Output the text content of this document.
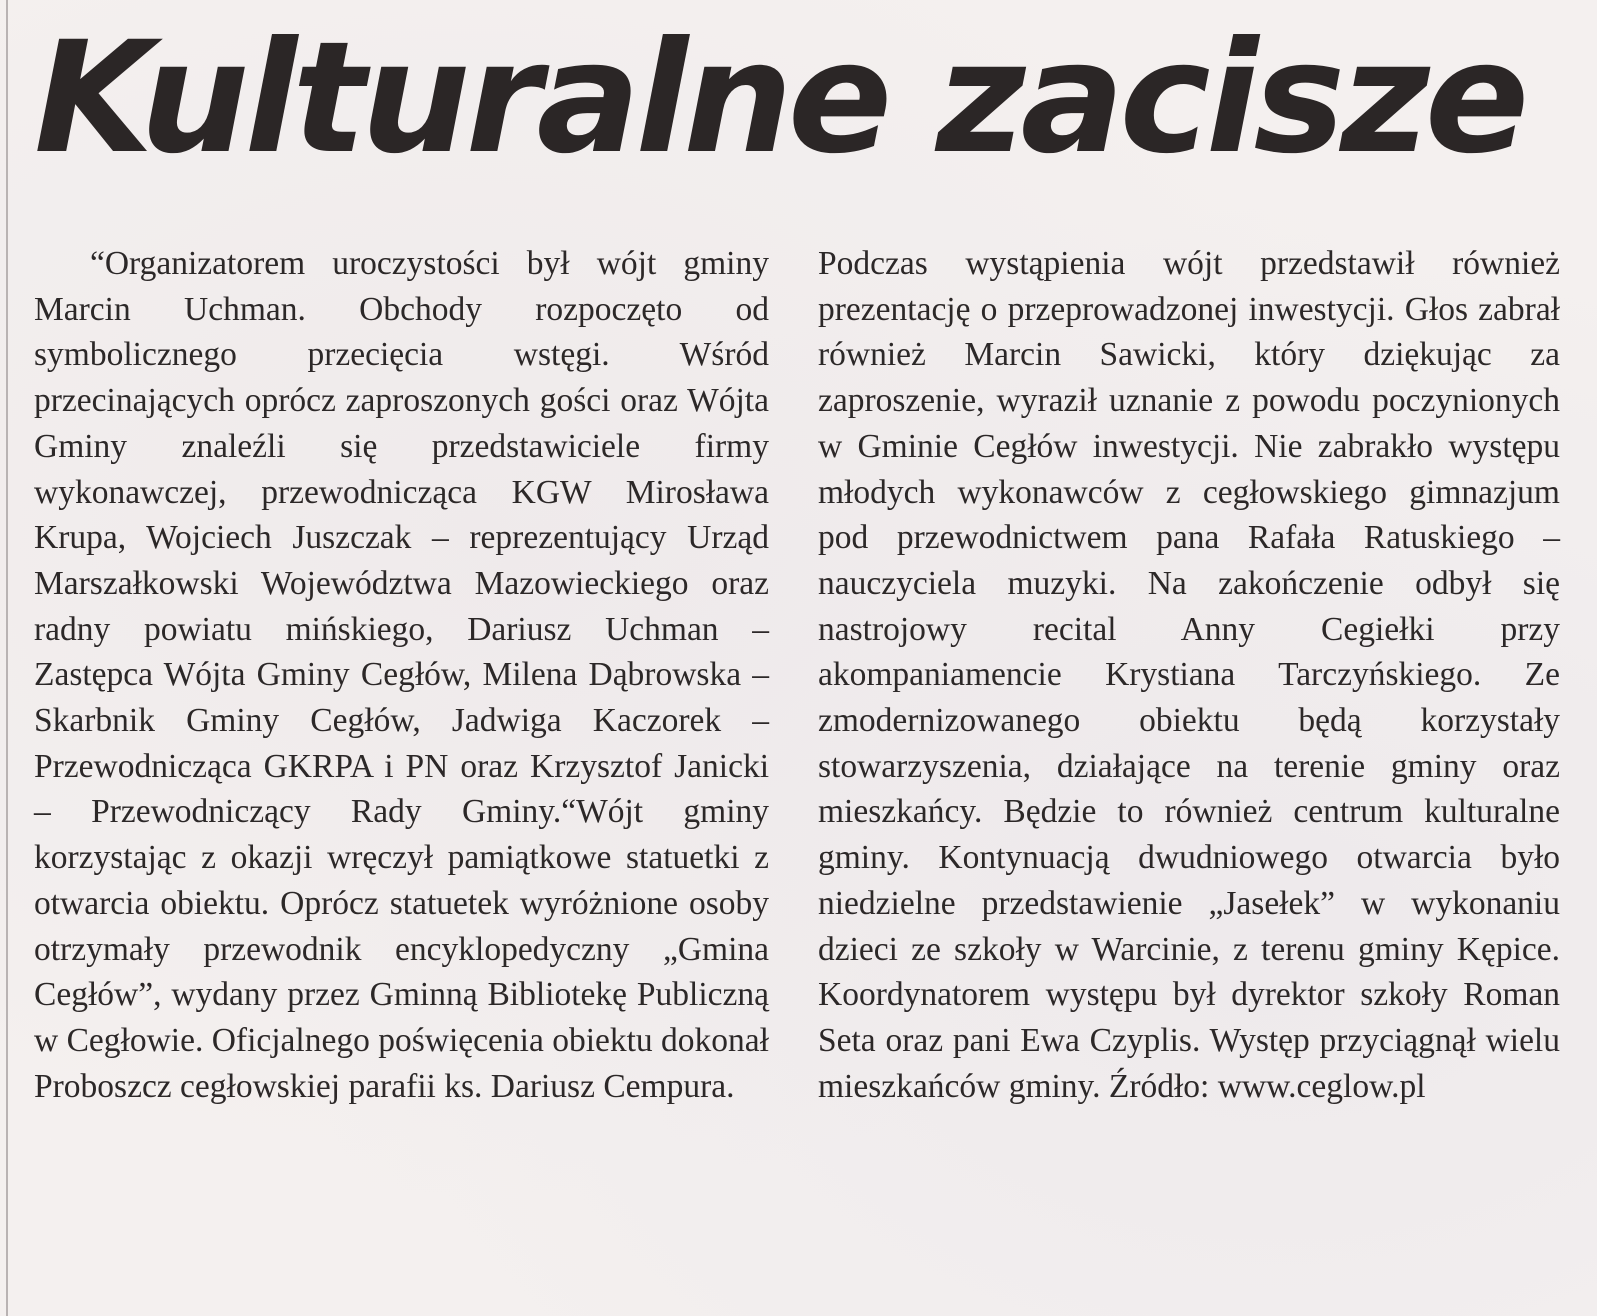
Kulturalne zacisze

“Organizatorem uroczystości był wójt gminy Marcin Uchman. Obchody rozpoczęto od symbolicznego przecięcia wstęgi. Wśród przecinających oprócz zaproszonych gości oraz Wójta Gminy znaleźli się przedstawiciele firmy wykonawczej, przewodnicząca KGW Mirosława Krupa, Wojciech Juszczak – reprezentujący Urząd Marszałkowski Województwa Mazowieckiego oraz radny powiatu mińskiego, Dariusz Uchman – Zastępca Wójta Gminy Cegłów, Milena Dąbrowska – Skarbnik Gminy Cegłów, Jadwiga Kaczorek – Przewodnicząca GKRPA i PN oraz Krzysztof Janicki – Przewodniczący Rady Gminy.“Wójt gminy korzystając z okazji wręczył pamiątkowe statuetki z otwarcia obiektu. Oprócz statuetek wyróżnione osoby otrzymały przewodnik encyklopedyczny „Gmina Cegłów”, wydany przez Gminną Bibliotekę Publiczną w Cegłowie. Oficjalnego poświęcenia obiektu dokonał Proboszcz cegłowskiej parafii ks. Dariusz Cempura.

Podczas wystąpienia wójt przedstawił również prezentację o przeprowadzonej inwestycji. Głos zabrał również Marcin Sawicki, który dziękując za zaproszenie, wyraził uznanie z powodu poczynionych w Gminie Cegłów inwestycji. Nie zabrakło występu młodych wykonawców z cegłowskiego gimnazjum pod przewodnictwem pana Rafała Ratuskiego – nauczyciela muzyki. Na zakończenie odbył się nastrojowy recital Anny Cegiełki przy akompaniamencie Krystiana Tarczyńskiego. Ze zmodernizowanego obiektu będą korzystały stowarzyszenia, działające na terenie gminy oraz mieszkańcy. Będzie to również centrum kulturalne gminy. Kontynuacją dwudniowego otwarcia było niedzielne przedstawienie „Jasełek” w wykonaniu dzieci ze szkoły w Warcinie, z terenu gminy Kępice. Koordynatorem występu był dyrektor szkoły Roman Seta oraz pani Ewa Czyplis. Występ przyciągnął wielu mieszkańców gminy. Źródło: www.ceglow.pl
